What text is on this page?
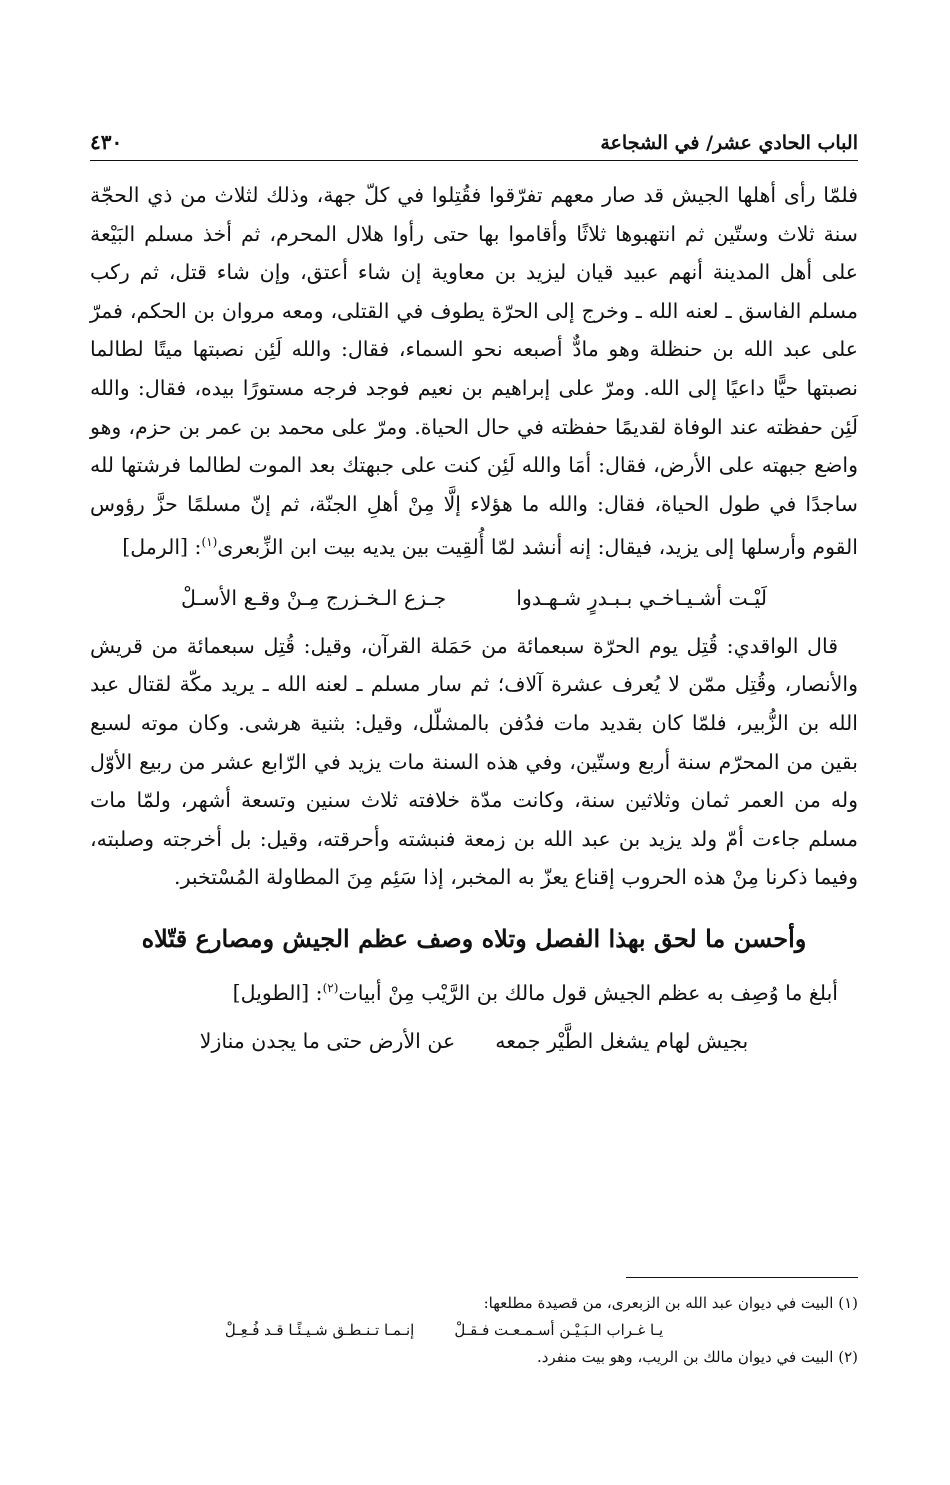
الباب الحادي عشر/ في الشجاعة
٤٣٠

فلمّا رأى أهلها الجيش قد صار معهم تفرّقوا فقُتِلوا في كلّ جهة، وذلك لثلاث من ذي الحجّة سنة ثلاث وستّين ثم انتهبوها ثلاثًا وأقاموا بها حتى رأوا هلال المحرم، ثم أخذ مسلم البَيْعة على أهل المدينة أنهم عبيد قيان ليزيد بن معاوية إن شاء أعتق، وإن شاء قتل، ثم ركب مسلم الفاسق ـ لعنه الله ـ وخرج إلى الحرّة يطوف في القتلى، ومعه مروان بن الحكم، فمرّ على عبد الله بن حنظلة وهو مادٌّ أصبعه نحو السماء، فقال: والله لَئِن نصبتها ميتًا لطالما نصبتها حيًّا داعيًا إلى الله. ومرّ على إبراهيم بن نعيم فوجد فرجه مستورًا بيده، فقال: والله لَئِن حفظته عند الوفاة لقديمًا حفظته في حال الحياة. ومرّ على محمد بن عمر بن حزم، وهو واضع جبهته على الأرض، فقال: أمَا والله لَئِن كنت على جبهتك بعد الموت لطالما فرشتها لله ساجدًا في طول الحياة، فقال: والله ما هؤلاء إلَّا مِنْ أهلِ الجنّة، ثم إنّ مسلمًا حزَّ رؤوس القوم وأرسلها إلى يزيد، فيقال: إنه أنشد لمّا أُلقِيت بين يديه بيت ابن الزِّبعرى$^{(١)}$: [الرمل]

لَيْـت أشـيـاخـي بـبـدرٍ شـهـدوا
جـزع الـخـزرج مِـنْ وقـع الأسـلْ

قال الواقدي: قُتِل يوم الحرّة سبعمائة من حَمَلة القرآن، وقيل: قُتِل سبعمائة من قريش والأنصار، وقُتِل ممّن لا يُعرف عشرة آلاف؛ ثم سار مسلم ـ لعنه الله ـ يريد مكّة لقتال عبد الله بن الزُّبير، فلمّا كان بقديد مات فدُفن بالمشلّل، وقيل: بثنية هرشى. وكان موته لسبع بقين من المحرّم سنة أربع وستّين، وفي هذه السنة مات يزيد في الرّابع عشر من ربيع الأوّل وله من العمر ثمان وثلاثين سنة، وكانت مدّة خلافته ثلاث سنين وتسعة أشهر، ولمّا مات مسلم جاءت أمّ ولد يزيد بن عبد الله بن زمعة فنبشته وأحرقته، وقيل: بل أخرجته وصلبته، وفيما ذكرنا مِنْ هذه الحروب إقناع يعزّ به المخبر، إذا سَئِم مِنَ المطاولة المُسْتخبر.

وأحسن ما لحق بهذا الفصل وتلاه وصف عظم الجيش ومصارع قتّلاه

أبلغ ما وُصِف به عظم الجيش قول مالك بن الرَّيْب مِنْ أبيات$^{(٢)}$: [الطويل]

بجيش لهام يشغل الطَّيْر جمعه
عن الأرض حتى ما يجدن منازلا

(١) البيت في ديوان عبد الله بن الزبعرى، من قصيدة مطلعها:

يـا غـراب الـبَـيْـن أسـمـعـت فـقـلْ
إنـمـا تـنـطـق شـيـئًـا قـد فُـعِـلْ

(٢) البيت في ديوان مالك بن الريب، وهو بيت منفرد.
